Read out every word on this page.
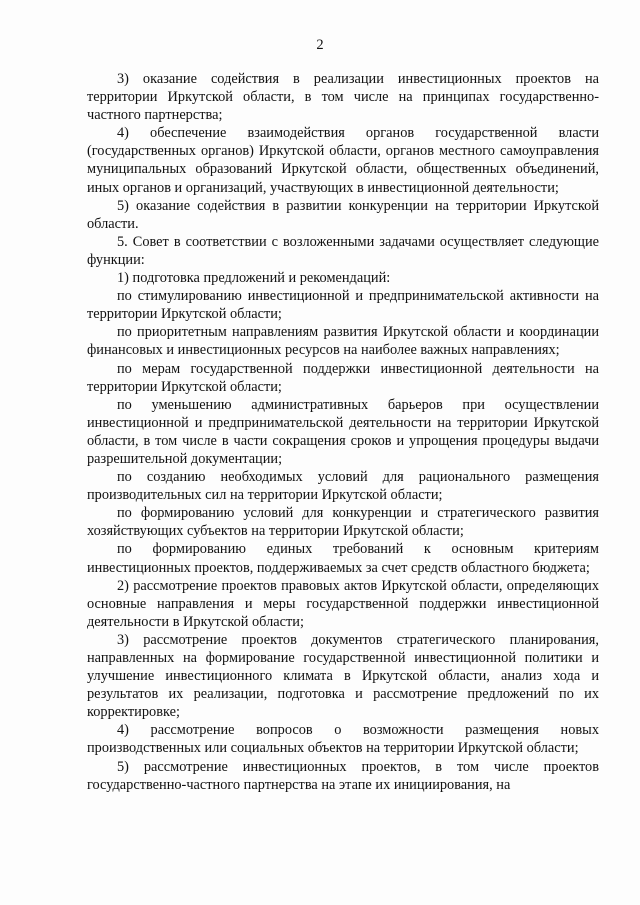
2

3) оказание содействия в реализации инвестиционных проектов на территории Иркутской области, в том числе на принципах государственно-частного партнерства;

4) обеспечение взаимодействия органов государственной власти (государственных органов) Иркутской области, органов местного самоуправления муниципальных образований Иркутской области, общественных объединений, иных органов и организаций, участвующих в инвестиционной деятельности;

5) оказание содействия в развитии конкуренции на территории Иркутской области.

5. Совет в соответствии с возложенными задачами осуществляет следующие функции:

1) подготовка предложений и рекомендаций:

по стимулированию инвестиционной и предпринимательской активности на территории Иркутской области;

по приоритетным направлениям развития Иркутской области и координации финансовых и инвестиционных ресурсов на наиболее важных направлениях;

по мерам государственной поддержки инвестиционной деятельности на территории Иркутской области;

по уменьшению административных барьеров при осуществлении инвестиционной и предпринимательской деятельности на территории Иркутской области, в том числе в части сокращения сроков и упрощения процедуры выдачи разрешительной документации;

по созданию необходимых условий для рационального размещения производительных сил на территории Иркутской области;

по формированию условий для конкуренции и стратегического развития хозяйствующих субъектов на территории Иркутской области;

по формированию единых требований к основным критериям инвестиционных проектов, поддерживаемых за счет средств областного бюджета;

2) рассмотрение проектов правовых актов Иркутской области, определяющих основные направления и меры государственной поддержки инвестиционной деятельности в Иркутской области;

3) рассмотрение проектов документов стратегического планирования, направленных на формирование государственной инвестиционной политики и улучшение инвестиционного климата в Иркутской области, анализ хода и результатов их реализации, подготовка и рассмотрение предложений по их корректировке;

4) рассмотрение вопросов о возможности размещения новых производственных или социальных объектов на территории Иркутской области;

5) рассмотрение инвестиционных проектов, в том числе проектов государственно-частного партнерства на этапе их инициирования, на
